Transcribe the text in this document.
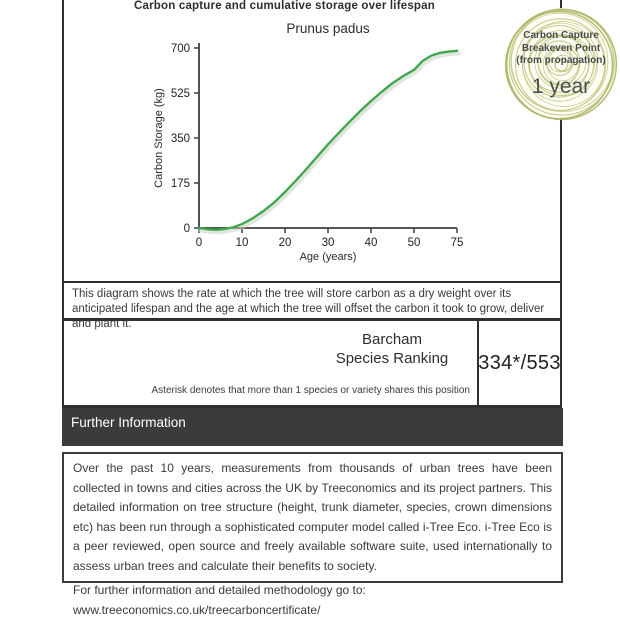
Carbon capture and cumulative storage over lifespan
Prunus padus
0
175
350
525
700
0	10	20	30	40	50	75
Age (years)
Carbon Storage (kg)
Carbon Capture
Breakeven Point
(from propagation)
1 year
This diagram shows the rate at which the tree will store carbon as a dry weight over its anticipated lifespan and the age at which the tree will offset the carbon it took to grow, deliver and plant it.
Barcham
Species Ranking
Asterisk denotes that more than 1 species or variety shares this position
334*/553
Further Information
Over the past 10 years, measurements from thousands of urban trees have been collected in towns and cities across the UK by Treeconomics and its project partners. This detailed information on tree structure (height, trunk diameter, species, crown dimensions etc) has been run through a sophisticated computer model called i-Tree Eco. i-Tree Eco is a peer reviewed, open source and freely available software suite, used internationally to assess urban trees and calculate their benefits to society.
For further information and detailed methodology go to: www.treeconomics.co.uk/treecarboncertificate/
